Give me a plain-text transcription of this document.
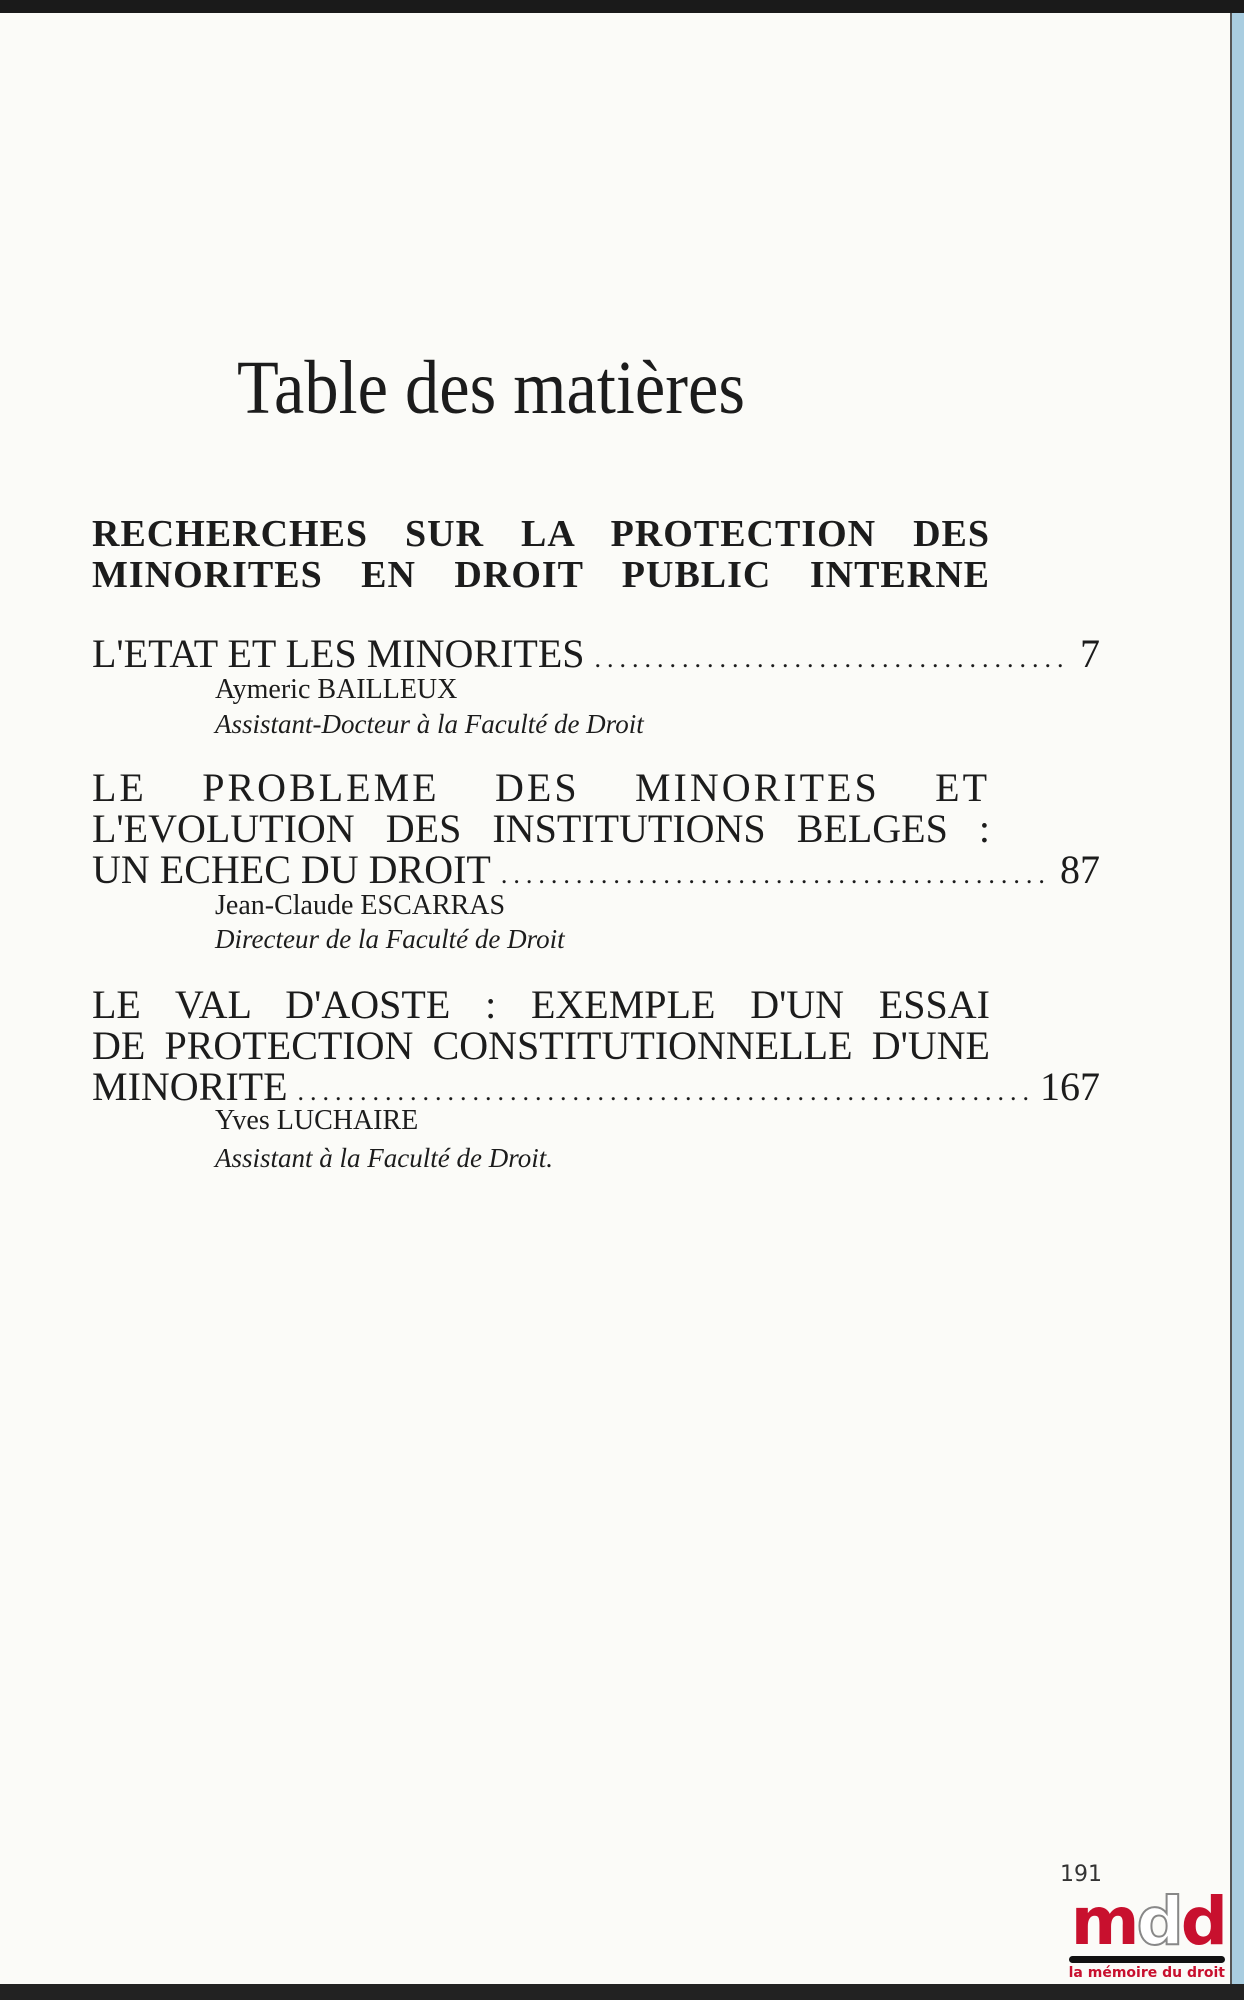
Table des matières
RECHERCHES SUR LA PROTECTION DES
MINORITES EN DROIT PUBLIC INTERNE
L'ETAT ET LES MINORITES .....	7
Aymeric BAILLEUX
Assistant-Docteur à la Faculté de Droit
LE PROBLEME DES MINORITES ET
L'EVOLUTION DES INSTITUTIONS BELGES :
UN ECHEC DU DROIT .....	87
Jean-Claude ESCARRAS
Directeur de la Faculté de Droit
LE VAL D'AOSTE : EXEMPLE D'UN ESSAI
DE PROTECTION CONSTITUTIONNELLE D'UNE
MINORITE .....	167
Yves LUCHAIRE
Assistant à la Faculté de Droit.
191
mdd
la mémoire du droit
